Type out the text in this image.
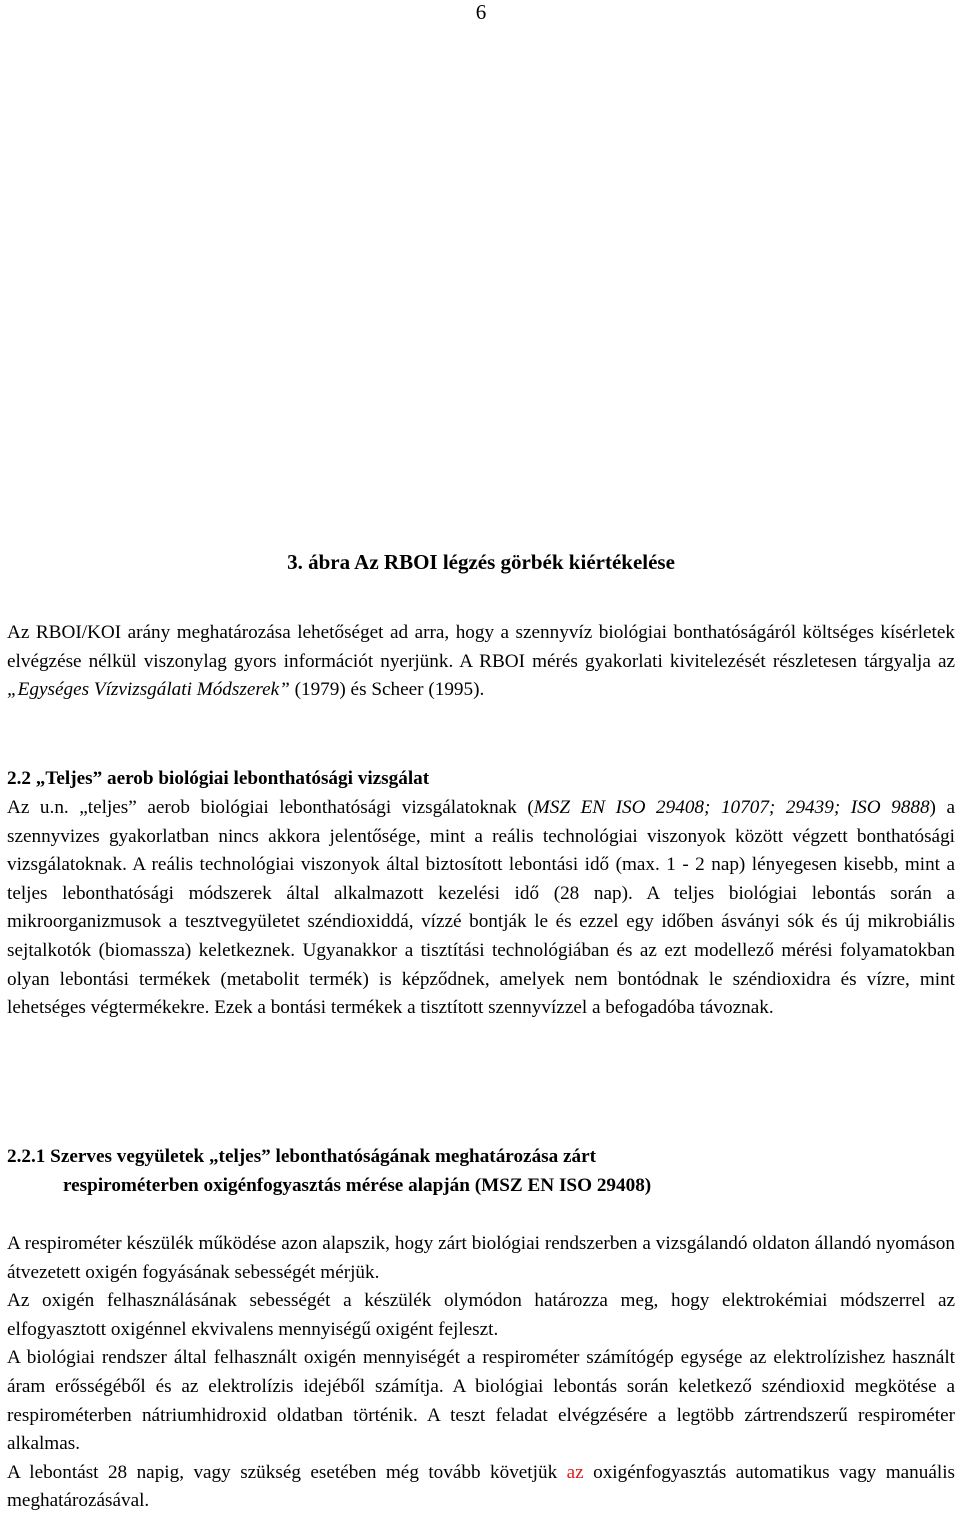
6
3. ábra Az RBOI légzés görbék kiértékelése

Az RBOI/KOI arány meghatározása lehetőséget ad arra, hogy a szennyvíz biológiai bonthatóságáról költséges kísérletek elvégzése nélkül viszonylag gyors információt nyerjünk. A RBOI mérés gyakorlati kivitelezését részletesen tárgyalja az „Egységes Vízvizsgálati Módszerek” (1979) és Scheer (1995).

2.2 „Teljes” aerob biológiai lebonthatósági vizsgálat

Az u.n. „teljes” aerob biológiai lebonthatósági vizsgálatoknak (MSZ EN ISO 29408; 10707; 29439; ISO 9888) a szennyvizes gyakorlatban nincs akkora jelentősége, mint a reális technológiai viszonyok között végzett bonthatósági vizsgálatoknak. A reális technológiai viszonyok által biztosított lebontási idő (max. 1 - 2 nap) lényegesen kisebb, mint a teljes lebonthatósági módszerek által alkalmazott kezelési idő (28 nap). A teljes biológiai lebontás során a mikroorganizmusok a tesztvegyületet széndioxiddá, vízzé bontják le és ezzel egy időben ásványi sók és új mikrobiális sejtalkotók (biomassza) keletkeznek. Ugyanakkor a tisztítási technológiában és az ezt modellező mérési folyamatokban olyan lebontási termékek (metabolit termék) is képződnek, amelyek nem bontódnak le széndioxidra és vízre, mint lehetséges végtermékekre. Ezek a bontási termékek a tisztított szennyvízzel a befogadóba távoznak.

2.2.1 Szerves vegyületek „teljes” lebonthatóságának meghatározása zárt
respirométerben oxigénfogyasztás mérése alapján (MSZ EN ISO 29408)

A respirométer készülék működése azon alapszik, hogy zárt biológiai rendszerben a vizsgálandó oldaton állandó nyomáson átvezetett oxigén fogyásának sebességét mérjük.

Az oxigén felhasználásának sebességét a készülék olymódon határozza meg, hogy elektrokémiai módszerrel az elfogyasztott oxigénnel ekvivalens mennyiségű oxigént fejleszt.

A biológiai rendszer által felhasznált oxigén mennyiségét a respirométer számítógép egysége az elektrolízishez használt áram erősségéből és az elektrolízis idejéből számítja. A biológiai lebontás során keletkező széndioxid megkötése a respirométerben nátriumhidroxid oldatban történik. A teszt feladat elvégzésére a legtöbb zártrendszerű respirométer alkalmas.

A lebontást 28 napig, vagy szükség esetében még tovább követjük az oxigénfogyasztás automatikus vagy manuális meghatározásával.
